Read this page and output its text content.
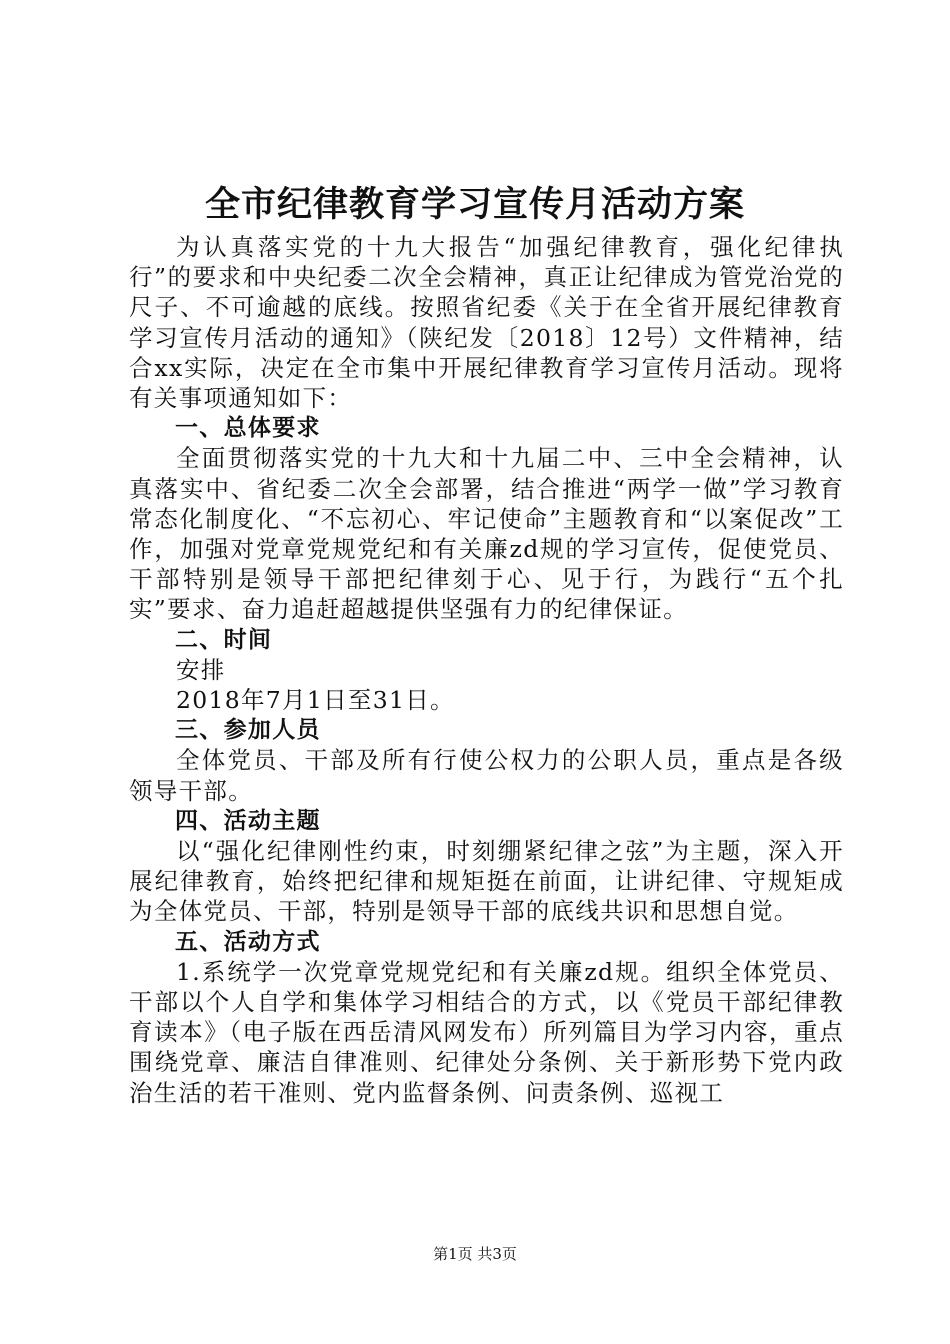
全市纪律教育学习宣传月活动方案

为认真落实党的十九大报告“加强纪律教育，强化纪律执行”的要求和中央纪委二次全会精神，真正让纪律成为管党治党的尺子、不可逾越的底线。按照省纪委《关于在全省开展纪律教育学习宣传月活动的通知》（陕纪发〔2018〕12号）文件精神，结合xx实际，决定在全市集中开展纪律教育学习宣传月活动。现将有关事项通知如下：

一、总体要求

全面贯彻落实党的十九大和十九届二中、三中全会精神，认真落实中、省纪委二次全会部署，结合推进“两学一做”学习教育常态化制度化、“不忘初心、牢记使命”主题教育和“以案促改”工作，加强对党章党规党纪和有关廉zd规的学习宣传，促使党员、干部特别是领导干部把纪律刻于心、见于行，为践行“五个扎实”要求、奋力追赶超越提供坚强有力的纪律保证。

二、时间
安排
2018年7月1日至31日。
三、参加人员

全体党员、干部及所有行使公权力的公职人员，重点是各级领导干部。

四、活动主题

以“强化纪律刚性约束，时刻绷紧纪律之弦”为主题，深入开展纪律教育，始终把纪律和规矩挺在前面，让讲纪律、守规矩成为全体党员、干部，特别是领导干部的底线共识和思想自觉。

五、活动方式

1.系统学一次党章党规党纪和有关廉zd规。组织全体党员、干部以个人自学和集体学习相结合的方式，以《党员干部纪律教育读本》（电子版在西岳清风网发布）所列篇目为学习内容，重点围绕党章、廉洁自律准则、纪律处分条例、关于新形势下党内政治生活的若干准则、党内监督条例、问责条例、巡视工

第1页 共3页
